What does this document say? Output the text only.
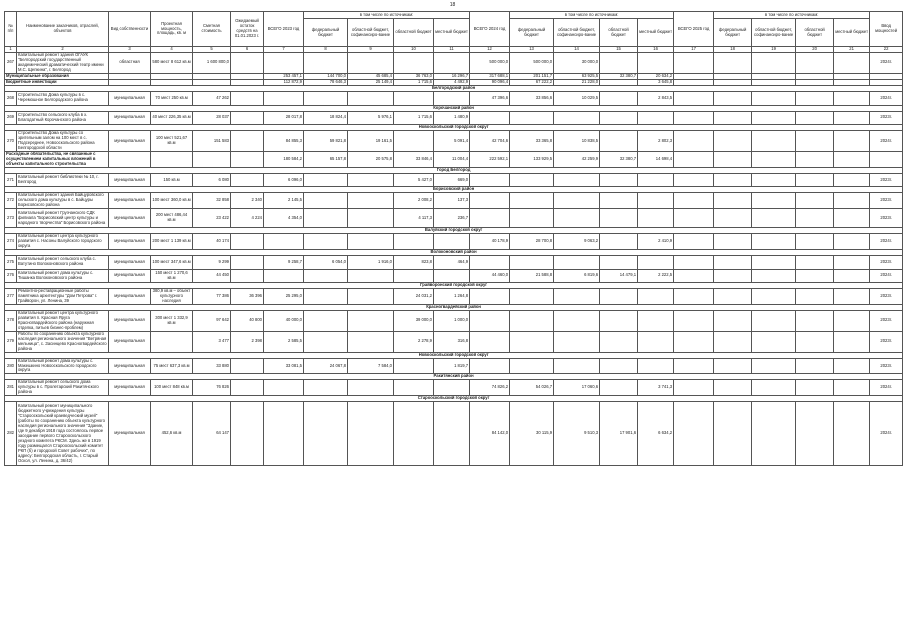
18
№ п/п	Наименование заказчиков, отраслей, объектов	Вид собственности	Проектная мощность, площадь, кв. м	Сметная стоимость	Ожидаемый остаток средств на 01.01.2023 г.	ВСЕГО 2023 год	в том числе по источникам:				ВСЕГО 2024 год	в том числе по источникам:				ВСЕГО 2025 год	в том числе по источникам:				Ввод мощностей
							федеральный бюджет	областной бюджет, софинансиро-вание	областной бюджет	местный бюджет		федеральный бюджет	областной бюджет, софинансиро-вание	областной бюджет	местный бюджет		федеральный бюджет	областной бюджет, софинансиро-вание	областной бюджет	местный бюджет	
1	2	3	4	5	6	7	8	9	10	11	12	13	14	15	16	17	18	19	20	21	22
267	Капитальный ремонт здания ОГАУК "Белгородский государственный академический драматический театр имени М.С. Щепкина", г. Белгород	областная	580 мест 8 612 кв.м	1 600 800,0							500 000,0	500 000,0	30 000,0								2024г.
Муниципальные образования						253 457,1	144 700,0	45 685,4	36 763,0	16 296,7	317 688,1	201 151,7	63 925,5	32 380,7	20 634,2						
Бюджетные инвестиции						112 872,9	78 646,3	25 149,4	1 715,6	4 492,9	90 096,4	67 222,2	21 228,0		3 645,8						
Белгородский район																					
268	Строительство Дома культуры в с. Черемошное Белгородского района	муниципальная	70 мест 250 кв.м	47 262							47 396,6	33 856,6	10 029,5		2 843,5						2024г.
Корочанский район																					
269	Строительство сельского клуба в х. Благодатный Корочанского района	муниципальная	40 мест 226,35 кв.м	28 037		28 017,8	18 824,4	5 976,1	1 715,6	1 480,9											2023г.
Новооскольский городской округ																					
270	Строительство Дома культуры со зрительным залом на 100 мест в с. Подсереднее, Новооскольского района Белгородской области	муниципальная	100 мест 521,67 кв.м	151 583		84 855,3	59 821,8	19 161,5		5 091,4	42 704,6	33 365,8	10 838,5		2 802,3						2024г.
Расходные обязательства, не связанные с осуществлением капитальных вложений в объекты капитального строительства						180 584,2	65 157,8	20 575,8	33 846,4	11 004,4	222 592,1	133 929,5	42 259,9	32 380,7	14 698,4						
Город Белгород																					
271	Капитальный ремонт библиотеки № 10, г. Белгород	муниципальная	150 кв.м	6 080		6 096,0			5 427,0	669,0											2023г.
Борисовский район																					
272	Капитальный ремонт здания Байцуровского сельского дома культуры в с. Байцуры Борисовского района	муниципальная	100 мест 360,0 кв.м	32 858	2 340	2 145,5			2 008,2	137,3											2023г.
273	Капитальный ремонт Грузчанского СДК филиала "Борисовский центр культуры и народного творчества" Борисовского района	муниципальная	200 мест 486,44 кв.м	23 422	4 224	4 354,0			4 117,3	236,7											2023г.
Валуйский городской округ																					
274	Капитальный ремонт центра культурного развития с. Насоны Валуйского городского округа	муниципальная	200 мест 1 139 кв.м	40 174							40 178,9	28 700,8	9 063,2		2 410,9						2024г.
Волоконовский район																					
275	Капитальный ремонт сельского клуба с. Ватутино Волоконовского района	муниципальная	100 мест 347,6 кв.м	9 299		9 258,7	6 054,0	1 916,0	823,8	464,9											2023г.
276	Капитальный ремонт дома культуры с. Тишанка Волоконовского района	муниципальная	150 мест 1 270,6 кв.м	44 450							44 460,0	21 588,8	6 819,6	14 479,1	2 222,5						2024г.
Грайворонский городской округ																					
277	Ремонтно-реставрационные работы памятника архитектуры "Дом Петрова" г. Грайворон, ул. Ленина, 39	муниципальная	380,9 кв.м – объект культурного наследия	77 386	36 396	25 295,0			24 031,2	1 264,8											2023г.
Красногвардейский район																					
278	Капитальный ремонт центра культурного развития п. Красная Яруга Красногвардейского района (наружная отделка, питьев бизнес-проблем)	муниципальная	300 мест 1 332,9 кв.м	97 642	40 800	40 000,0			39 000,0	1 000,0											2023г.
279	Работы по сохранению объекта культурного наследия регионального значения "Ветряная мельница", с. Засинцево Красногвардейского района	муниципальная		3 477	2 398	2 585,5			2 278,9	316,8											2023г.
Новооскольский городской округ																					
280	Капитальный ремонт дома культуры с. Макешкино Новооскольского городского округа	муниципальная	75 мест 637,3 кв.м	33 880		33 081,5	24 067,8	7 584,0		1 819,7											2023г.
Ракитянский район																					
281	Капитальный ремонт сельского дома культуры в с. Пролетарский Ракитянского района	муниципальная	100 мест 848 кв.м	76 826							74 826,2	54 026,7	17 060,6		3 741,3						2024г.
Старооскольский городской округ																					
282	Капитальный ремонт муниципального бюджетного учреждения культуры "Старооскольский краеведческий музей" (работы по сохранению объекта культурного наследия регионального значения "Здание, где 9 декабря 1918 года состоялось первое заседание первого Старооскольского уездного комитета РКСМ. Здесь же в 1919 году размещался Старооскольский комитет РКП (б) и городской Совет рабочих", по адресу: Белгородская область, г. Старый Оскол, ул. Ленина, д. 36/42)	муниципальная	452,6 кв.м	64 147							84 142,0	30 115,9	9 510,3	17 901,6	6 634,2						2024г.
